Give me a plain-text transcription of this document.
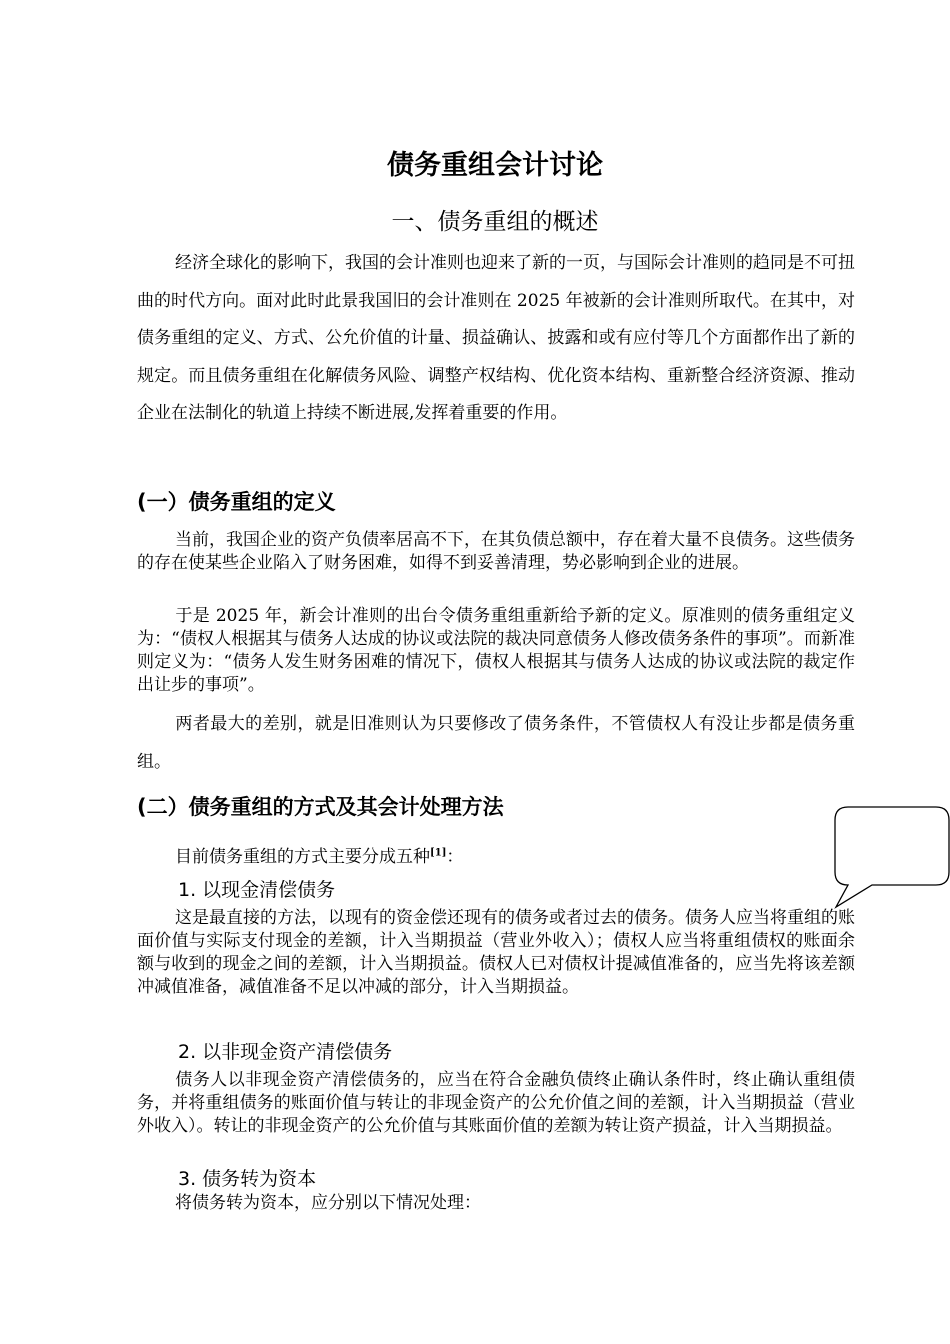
债务重组会计讨论
一、债务重组的概述

经济全球化的影响下，我国的会计准则也迎来了新的一页，与国际会计准则的趋同是不可扭曲的时代方向。面对此时此景我国旧的会计准则在 2025 年被新的会计准则所取代。在其中，对债务重组的定义、方式、公允价值的计量、损益确认、披露和或有应付等几个方面都作出了新的规定。而且债务重组在化解债务风险、调整产权结构、优化资本结构、重新整合经济资源、推动企业在法制化的轨道上持续不断进展,发挥着重要的作用。

(一）债务重组的定义

当前，我国企业的资产负债率居高不下，在其负债总额中，存在着大量不良债务。这些债务的存在使某些企业陷入了财务困难，如得不到妥善清理，势必影响到企业的进展。

于是 2025 年，新会计准则的出台令债务重组重新给予新的定义。原准则的债务重组定义为：“债权人根据其与债务人达成的协议或法院的裁决同意债务人修改债务条件的事项”。而新准则定义为：“债务人发生财务困难的情况下，债权人根据其与债务人达成的协议或法院的裁定作出让步的事项”。

两者最大的差别，就是旧准则认为只要修改了债务条件，不管债权人有没让步都是债务重组。

(二）债务重组的方式及其会计处理方法

目前债务重组的方式主要分成五种[1]：

1. 以现金清偿债务

这是最直接的方法，以现有的资金偿还现有的债务或者过去的债务。债务人应当将重组的账面价值与实际支付现金的差额，计入当期损益（营业外收入）；债权人应当将重组债权的账面余额与收到的现金之间的差额，计入当期损益。债权人已对债权计提减值准备的，应当先将该差额冲减值准备，减值准备不足以冲减的部分，计入当期损益。

2. 以非现金资产清偿债务

债务人以非现金资产清偿债务的，应当在符合金融负债终止确认条件时，终止确认重组债务，并将重组债务的账面价值与转让的非现金资产的公允价值之间的差额，计入当期损益（营业外收入）。转让的非现金资产的公允价值与其账面价值的差额为转让资产损益，计入当期损益。

3. 债务转为资本

将债务转为资本，应分别以下情况处理：
